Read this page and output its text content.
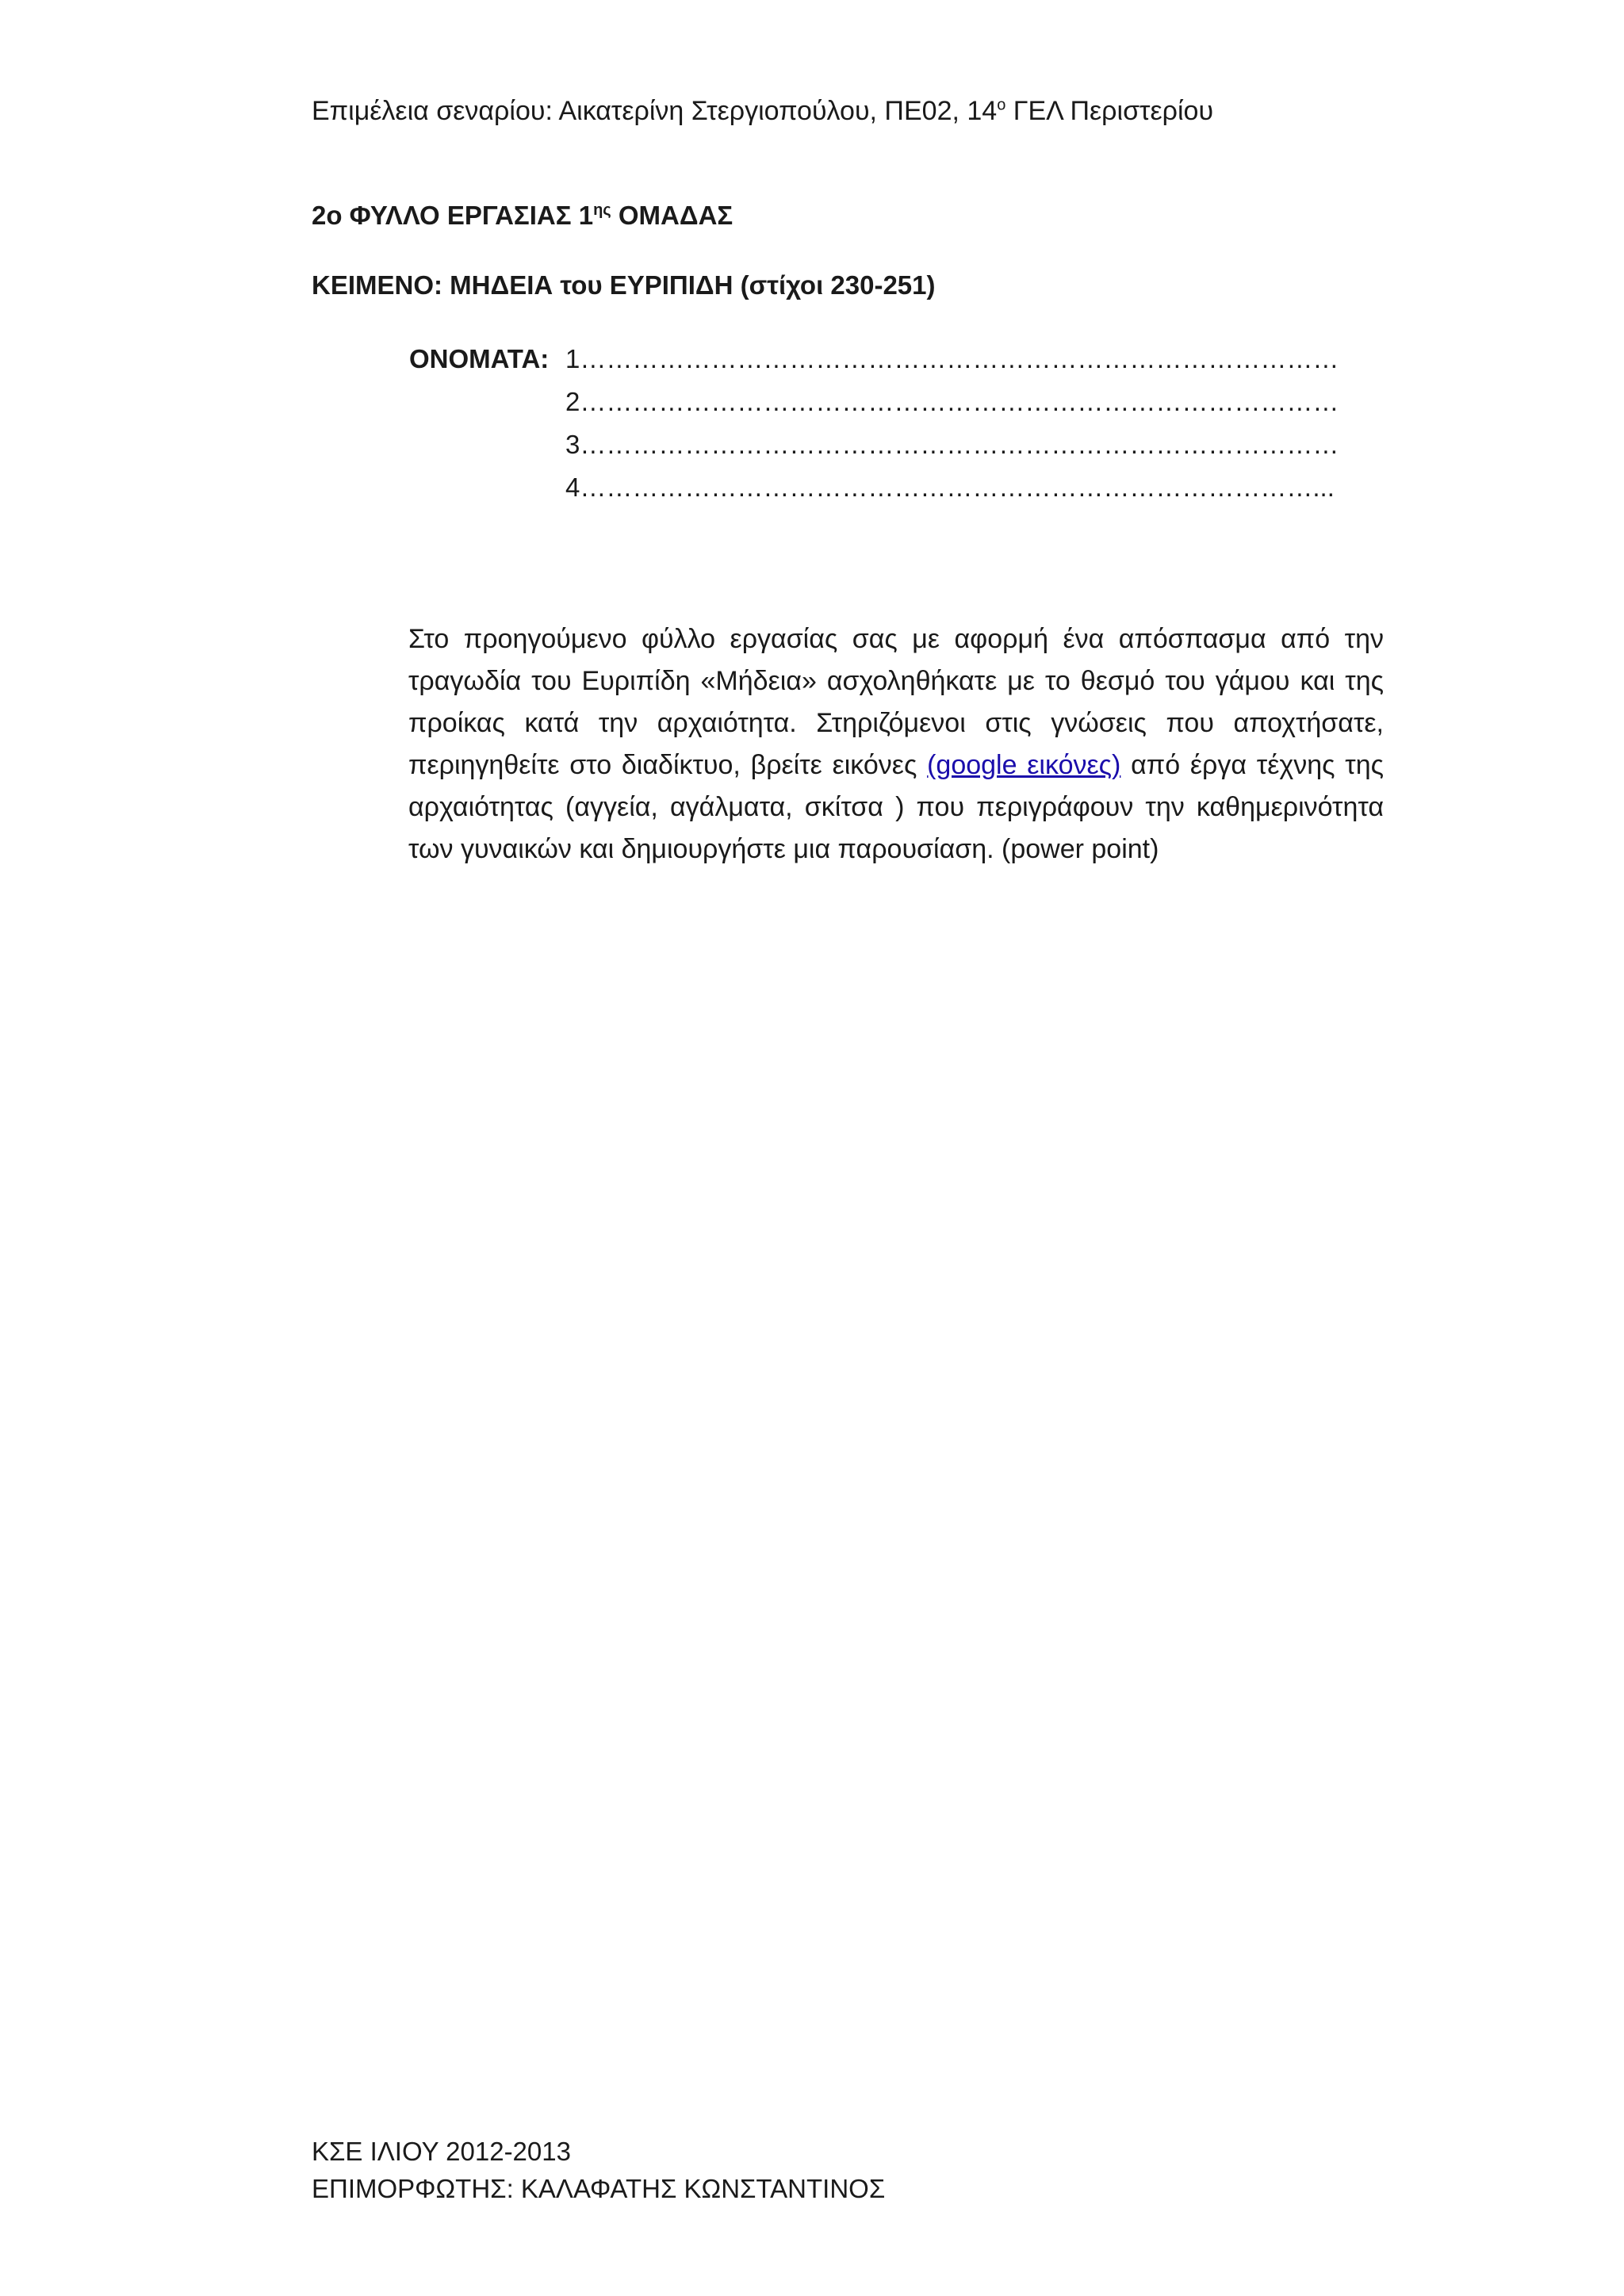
Επιμέλεια σεναρίου: Αικατερίνη Στεργιοπούλου, ΠΕ02, $14^o$ ΓΕΛ Περιστερίου
2ο ΦΥΛΛΟ ΕΡΓΑΣΙΑΣ $1^{\eta\varsigma}$ ΟΜΑΔΑΣ
ΚΕΙΜΕΝΟ: ΜΗΔΕΙΑ του ΕΥΡΙΠΙΔΗ (στίχοι 230-251)
ΟΝΟΜΑΤΑ: 1……………………………………………………………………………
2……………………………………………………………………………
3……………………………………………………………………………
4…………………………………………………………………………...
Στο προηγούμενο φύλλο εργασίας σας με αφορμή ένα απόσπασμα από την τραγωδία του Ευριπίδη «Μήδεια» ασχοληθήκατε με το θεσμό του γάμου και της προίκας κατά την αρχαιότητα. Στηριζόμενοι στις γνώσεις που αποχτήσατε, περιηγηθείτε στο διαδίκτυο, βρείτε εικόνες (google εικόνες) από έργα τέχνης της αρχαιότητας (αγγεία, αγάλματα, σκίτσα ) που περιγράφουν την καθημερινότητα των γυναικών και δημιουργήστε μια παρουσίαση. (power point)
ΚΣΕ ΙΛΙΟΥ 2012-2013
ΕΠΙΜΟΡΦΩΤΗΣ: ΚΑΛΑΦΑΤΗΣ ΚΩΝΣΤΑΝΤΙΝΟΣ
